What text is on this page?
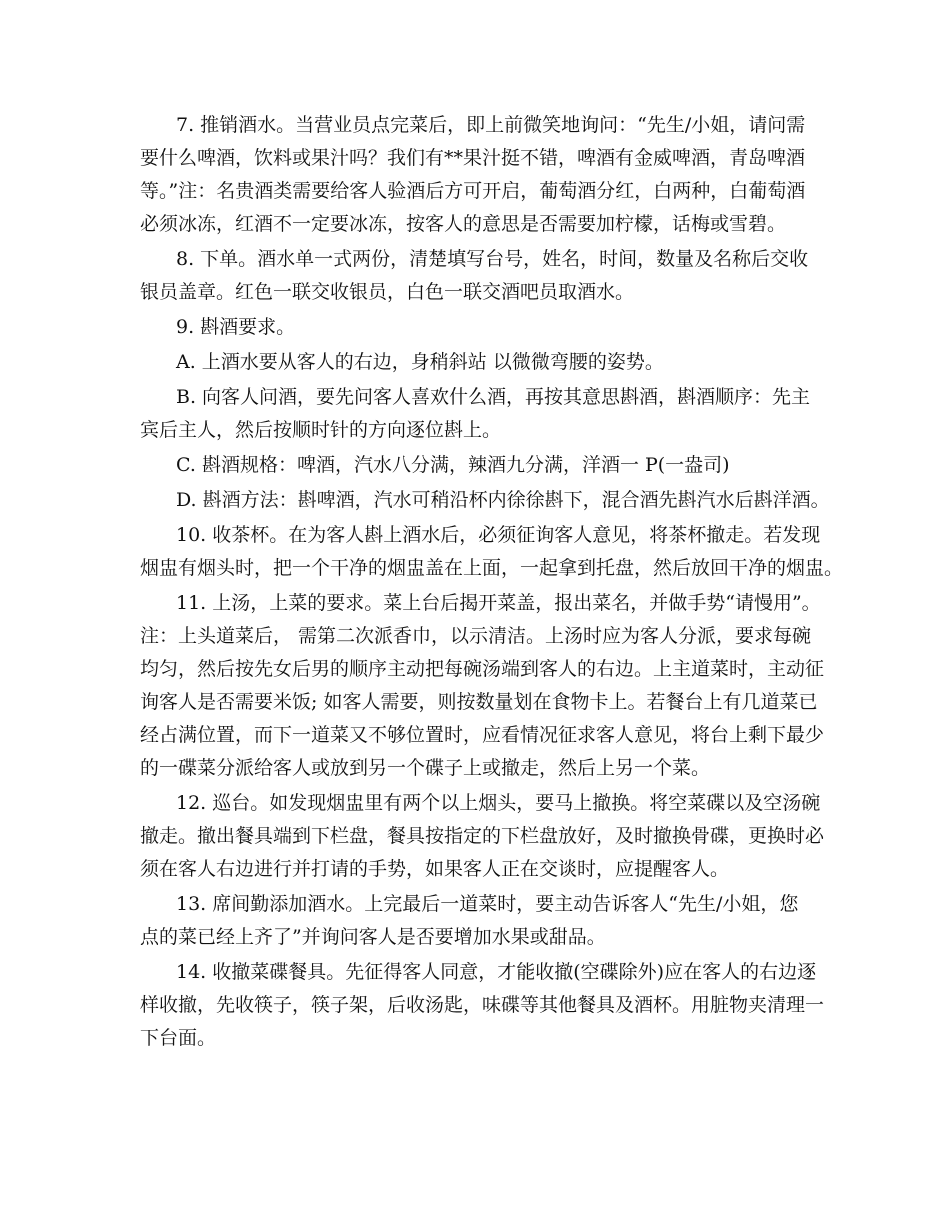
7. 推销酒水。当营业员点完菜后，即上前微笑地询问：“先生/小姐，请问需
要什么啤酒，饮料或果汁吗？我们有**果汁挺不错，啤酒有金威啤酒，青岛啤酒
等。”注：名贵酒类需要给客人验酒后方可开启，葡萄酒分红，白两种，白葡萄酒
必须冰冻，红酒不一定要冰冻，按客人的意思是否需要加柠檬，话梅或雪碧。
8. 下单。酒水单一式两份，清楚填写台号，姓名，时间，数量及名称后交收
银员盖章。红色一联交收银员，白色一联交酒吧员取酒水。
9. 斟酒要求。
A. 上酒水要从客人的右边，身稍斜站 以微微弯腰的姿势。
B. 向客人问酒，要先问客人喜欢什么酒，再按其意思斟酒，斟酒顺序：先主
宾后主人，然后按顺时针的方向逐位斟上。
C. 斟酒规格：啤酒，汽水八分满，辣酒九分满，洋酒一 P(一盎司)
D. 斟酒方法：斟啤酒，汽水可稍沿杯内徐徐斟下，混合酒先斟汽水后斟洋酒。
10. 收茶杯。在为客人斟上酒水后，必须征询客人意见，将茶杯撤走。若发现
烟盅有烟头时，把一个干净的烟盅盖在上面，一起拿到托盘，然后放回干净的烟盅。
11. 上汤，上菜的要求。菜上台后揭开菜盖，报出菜名，并做手势“请慢用”。
注：上头道菜后， 需第二次派香巾，以示清洁。上汤时应为客人分派，要求每碗
均匀，然后按先女后男的顺序主动把每碗汤端到客人的右边。上主道菜时，主动征
询客人是否需要米饭; 如客人需要，则按数量划在食物卡上。若餐台上有几道菜已
经占满位置，而下一道菜又不够位置时，应看情况征求客人意见，将台上剩下最少
的一碟菜分派给客人或放到另一个碟子上或撤走，然后上另一个菜。
12. 巡台。如发现烟盅里有两个以上烟头，要马上撤换。将空菜碟以及空汤碗
撤走。撤出餐具端到下栏盘，餐具按指定的下栏盘放好，及时撤换骨碟，更换时必
须在客人右边进行并打请的手势，如果客人正在交谈时，应提醒客人。
13. 席间勤添加酒水。上完最后一道菜时，要主动告诉客人“先生/小姐，您
点的菜已经上齐了”并询问客人是否要增加水果或甜品。
14. 收撤菜碟餐具。先征得客人同意，才能收撤(空碟除外)应在客人的右边逐
样收撤，先收筷子，筷子架，后收汤匙，味碟等其他餐具及酒杯。用脏物夹清理一
下台面。
